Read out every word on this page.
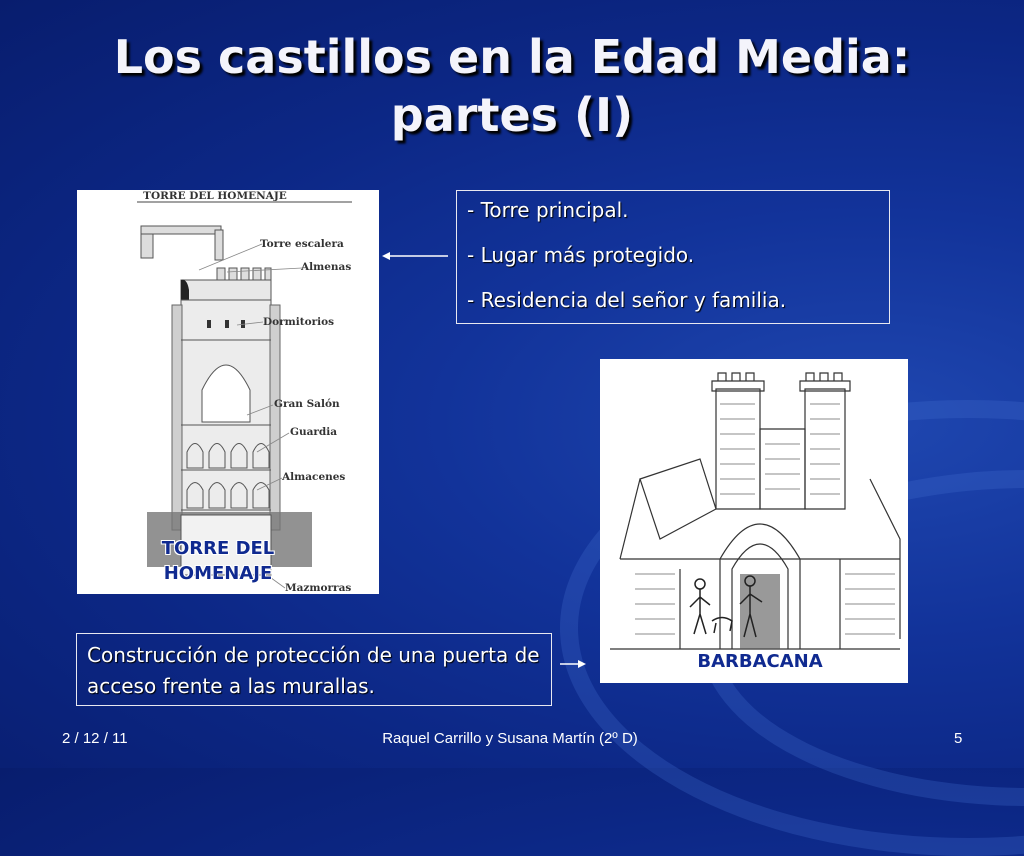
Los castillos en la Edad Media:
partes (I)
TORRE DEL HOMENAJE
Torre escalera
Almenas
Dormitorios
Gran Salón
Guardia
Almacenes
Mazmorras
TORRE DEL
HOMENAJE
- Torre principal.
- Lugar más protegido.
- Residencia del señor y familia.
BARBACANA
Construcción de protección de una puerta de acceso frente a las murallas.
2 / 12 / 11	Raquel Carrillo y Susana Martín (2º D)	5
